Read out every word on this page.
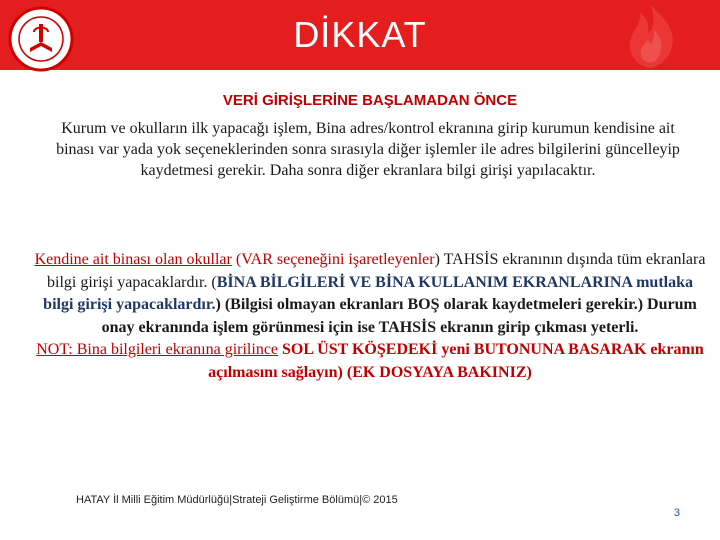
DİKKAT
VERİ GİRİŞLERİNE BAŞLAMADAN ÖNCE
Kurum ve okulların ilk yapacağı işlem, Bina adres/kontrol ekranına girip kurumun kendisine ait binası var yada yok seçeneklerinden sonra sırasıyla diğer işlemler ile adres bilgilerini güncelleyip kaydetmesi gerekir. Daha sonra diğer ekranlara bilgi girişi yapılacaktır.
Kendine ait binası olan okullar (VAR seçeneğini işaretleyenler) TAHSİS ekranının dışında tüm ekranlara bilgi girişi yapacaklardır. (BİNA BİLGİLERİ VE BİNA KULLANIM EKRANLARINA mutlaka bilgi girişi yapacaklardır.) (Bilgisi olmayan ekranları BOŞ olarak kaydetmeleri gerekir.) Durum onay ekranında işlem görünmesi için ise TAHSİS ekranın girip çıkması yeterli.
NOT: Bina bilgileri ekranına girilince SOL ÜST KÖŞEDEKİ yeni BUTONUNA BASARAK ekranın açılmasını sağlayın) (EK DOSYAYA BAKINIZ)
HATAY İl Milli Eğitim Müdürlüğü|Strateji Geliştirme Bölümü|© 2015
3
